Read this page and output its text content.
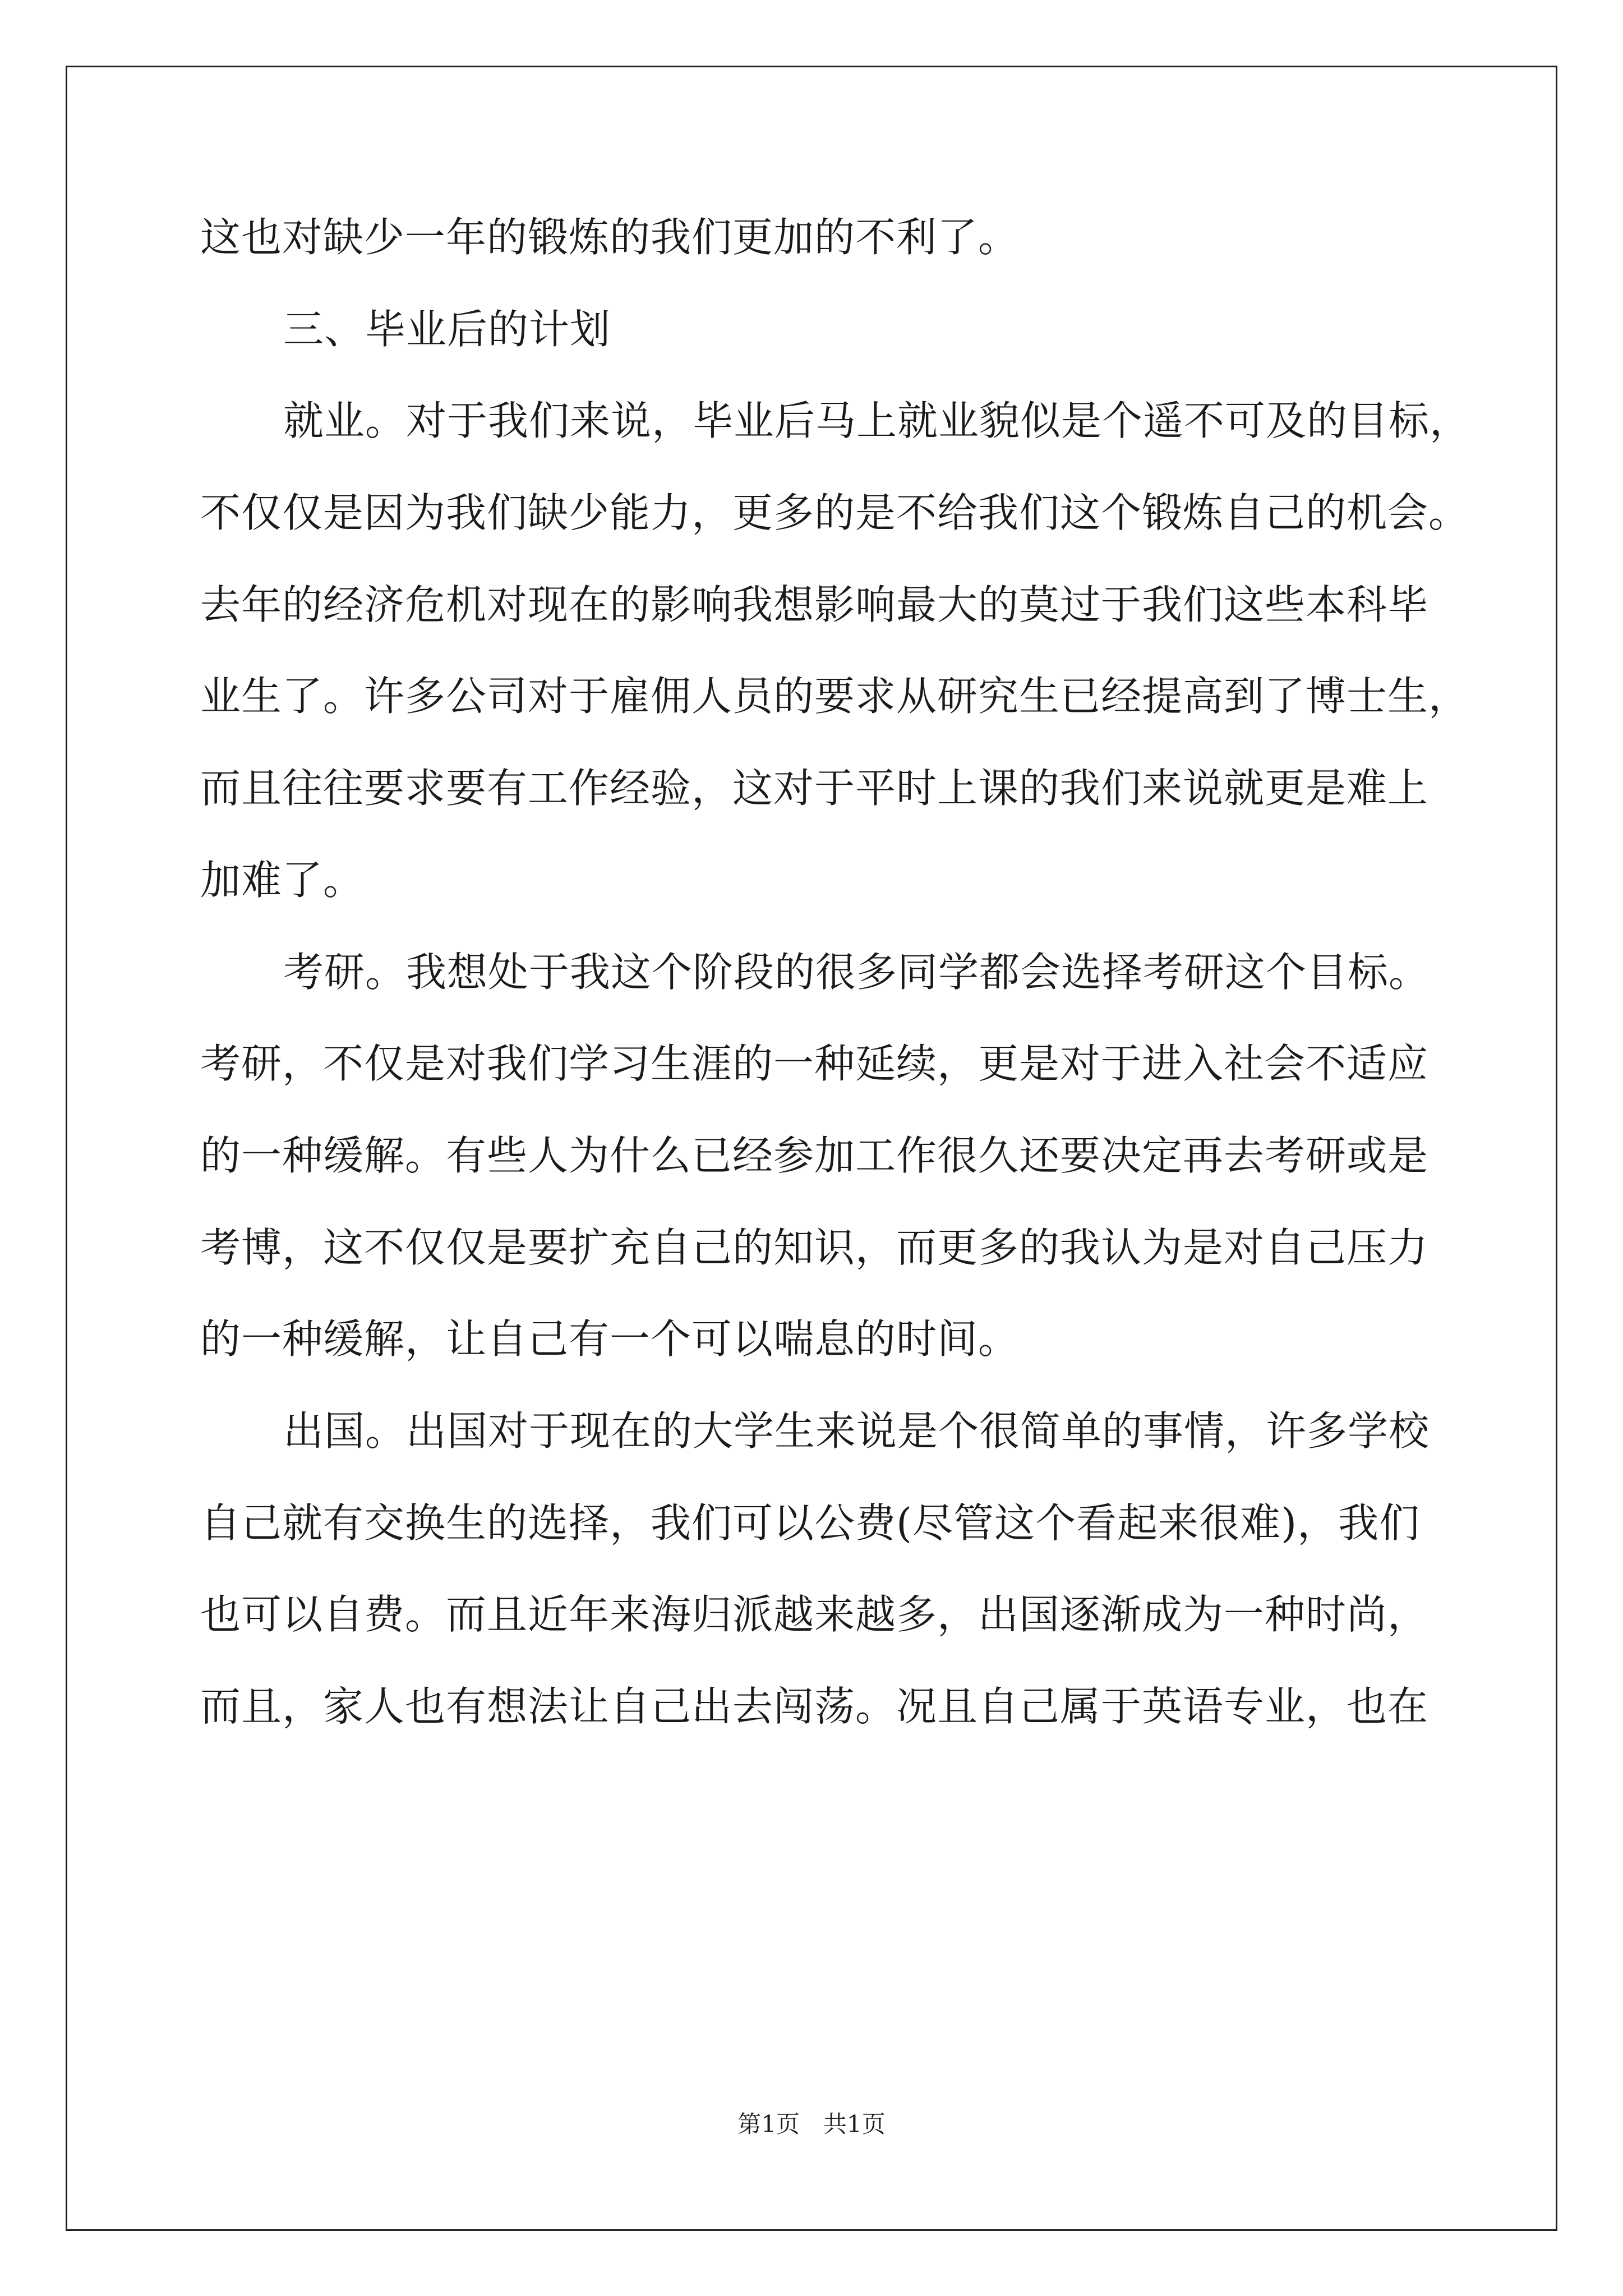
这也对缺少一年的锻炼的我们更加的不利了。
三、毕业后的计划
就业。对于我们来说，毕业后马上就业貌似是个遥不可及的目标，
不仅仅是因为我们缺少能力，更多的是不给我们这个锻炼自己的机会。
去年的经济危机对现在的影响我想影响最大的莫过于我们这些本科毕
业生了。许多公司对于雇佣人员的要求从研究生已经提高到了博士生，
而且往往要求要有工作经验，这对于平时上课的我们来说就更是难上
加难了。
考研。我想处于我这个阶段的很多同学都会选择考研这个目标。
考研，不仅是对我们学习生涯的一种延续，更是对于进入社会不适应
的一种缓解。有些人为什么已经参加工作很久还要决定再去考研或是
考博，这不仅仅是要扩充自己的知识，而更多的我认为是对自己压力
的一种缓解，让自己有一个可以喘息的时间。
出国。出国对于现在的大学生来说是个很简单的事情，许多学校
自己就有交换生的选择，我们可以公费(尽管这个看起来很难)，我们
也可以自费。而且近年来海归派越来越多，出国逐渐成为一种时尚，
而且，家人也有想法让自己出去闯荡。况且自己属于英语专业，也在
第1页　共1页
